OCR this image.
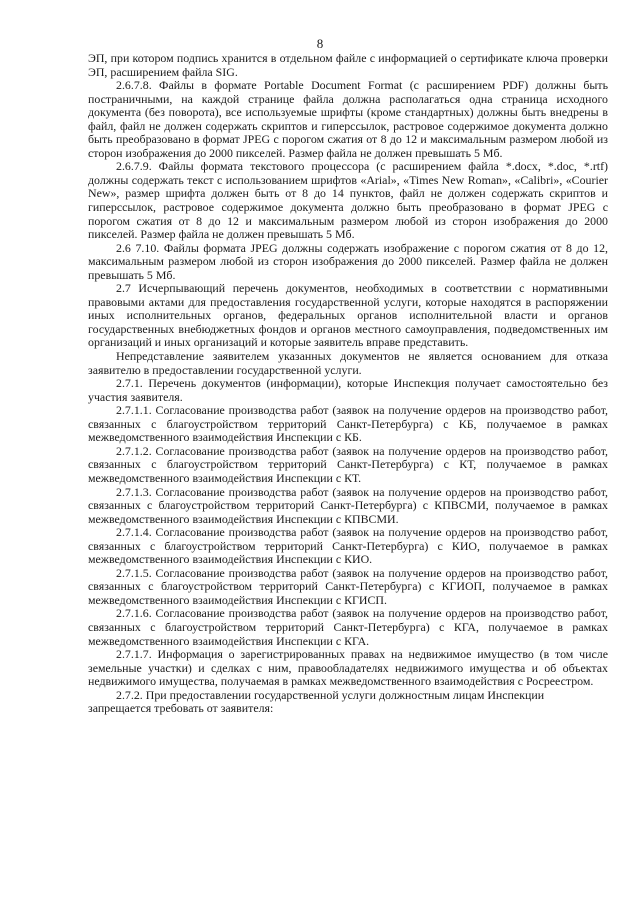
8

ЭП, при котором подпись хранится в отдельном файле с информацией о сертификате ключа проверки ЭП, расширением файла SIG.

2.6.7.8. Файлы в формате Portable Document Format (с расширением PDF) должны быть постраничными, на каждой странице файла должна располагаться одна страница исходного документа (без поворота), все используемые шрифты (кроме стандартных) должны быть внедрены в файл, файл не должен содержать скриптов и гиперссылок, растровое содержимое документа должно быть преобразовано в формат JPEG с порогом сжатия от 8 до 12 и максимальным размером любой из сторон изображения до 2000 пикселей. Размер файла не должен превышать 5 Мб.

2.6.7.9. Файлы формата текстового процессора (с расширением файла *.docx, *.doc, *.rtf) должны содержать текст с использованием шрифтов «Arial», «Times New Roman», «Calibri», «Courier New», размер шрифта должен быть от 8 до 14 пунктов, файл не должен содержать скриптов и гиперссылок, растровое содержимое документа должно быть преобразовано в формат JPEG с порогом сжатия от 8 до 12 и максимальным размером любой из сторон изображения до 2000 пикселей. Размер файла не должен превышать 5 Мб.

2.6 7.10. Файлы формата JPEG должны содержать изображение с порогом сжатия от 8 до 12, максимальным размером любой из сторон изображения до 2000 пикселей. Размер файла не должен превышать 5 Мб.

2.7 Исчерпывающий перечень документов, необходимых в соответствии с нормативными правовыми актами для предоставления государственной услуги, которые находятся в распоряжении иных исполнительных органов, федеральных органов исполнительной власти и органов государственных внебюджетных фондов и органов местного самоуправления, подведомственных им организаций и иных организаций и которые заявитель вправе представить.

Непредставление заявителем указанных документов не является основанием для отказа заявителю в предоставлении государственной услуги.

2.7.1. Перечень документов (информации), которые Инспекция получает самостоятельно без участия заявителя.

2.7.1.1. Согласование производства работ (заявок на получение ордеров на производство работ, связанных с благоустройством территорий Санкт-Петербурга) с КБ, получаемое в рамках межведомственного взаимодействия Инспекции с КБ.

2.7.1.2. Согласование производства работ (заявок на получение ордеров на производство работ, связанных с благоустройством территорий Санкт-Петербурга) с КТ, получаемое в рамках межведомственного взаимодействия Инспекции с КТ.

2.7.1.3. Согласование производства работ (заявок на получение ордеров на производство работ, связанных с благоустройством территорий Санкт-Петербурга) с КПВСМИ, получаемое в рамках межведомственного взаимодействия Инспекции с КПВСМИ.

2.7.1.4. Согласование производства работ (заявок на получение ордеров на производство работ, связанных с благоустройством территорий Санкт-Петербурга) с КИО, получаемое в рамках межведомственного взаимодействия Инспекции с КИО.

2.7.1.5. Согласование производства работ (заявок на получение ордеров на производство работ, связанных с благоустройством территорий Санкт-Петербурга) с КГИОП, получаемое в рамках межведомственного взаимодействия Инспекции с КГИСП.

2.7.1.6. Согласование производства работ (заявок на получение ордеров на производство работ, связанных с благоустройством территорий Санкт-Петербурга) с КГА, получаемое в рамках межведомственного взаимодействия Инспекции с КГА.

2.7.1.7. Информация о зарегистрированных правах на недвижимое имущество (в том числе земельные участки) и сделках с ним, правообладателях недвижимого имущества и об объектах недвижимого имущества, получаемая в рамках межведомственного взаимодействия с Росреестром.

2.7.2. При предоставлении государственной услуги должностным лицам Инспекции запрещается требовать от заявителя:
